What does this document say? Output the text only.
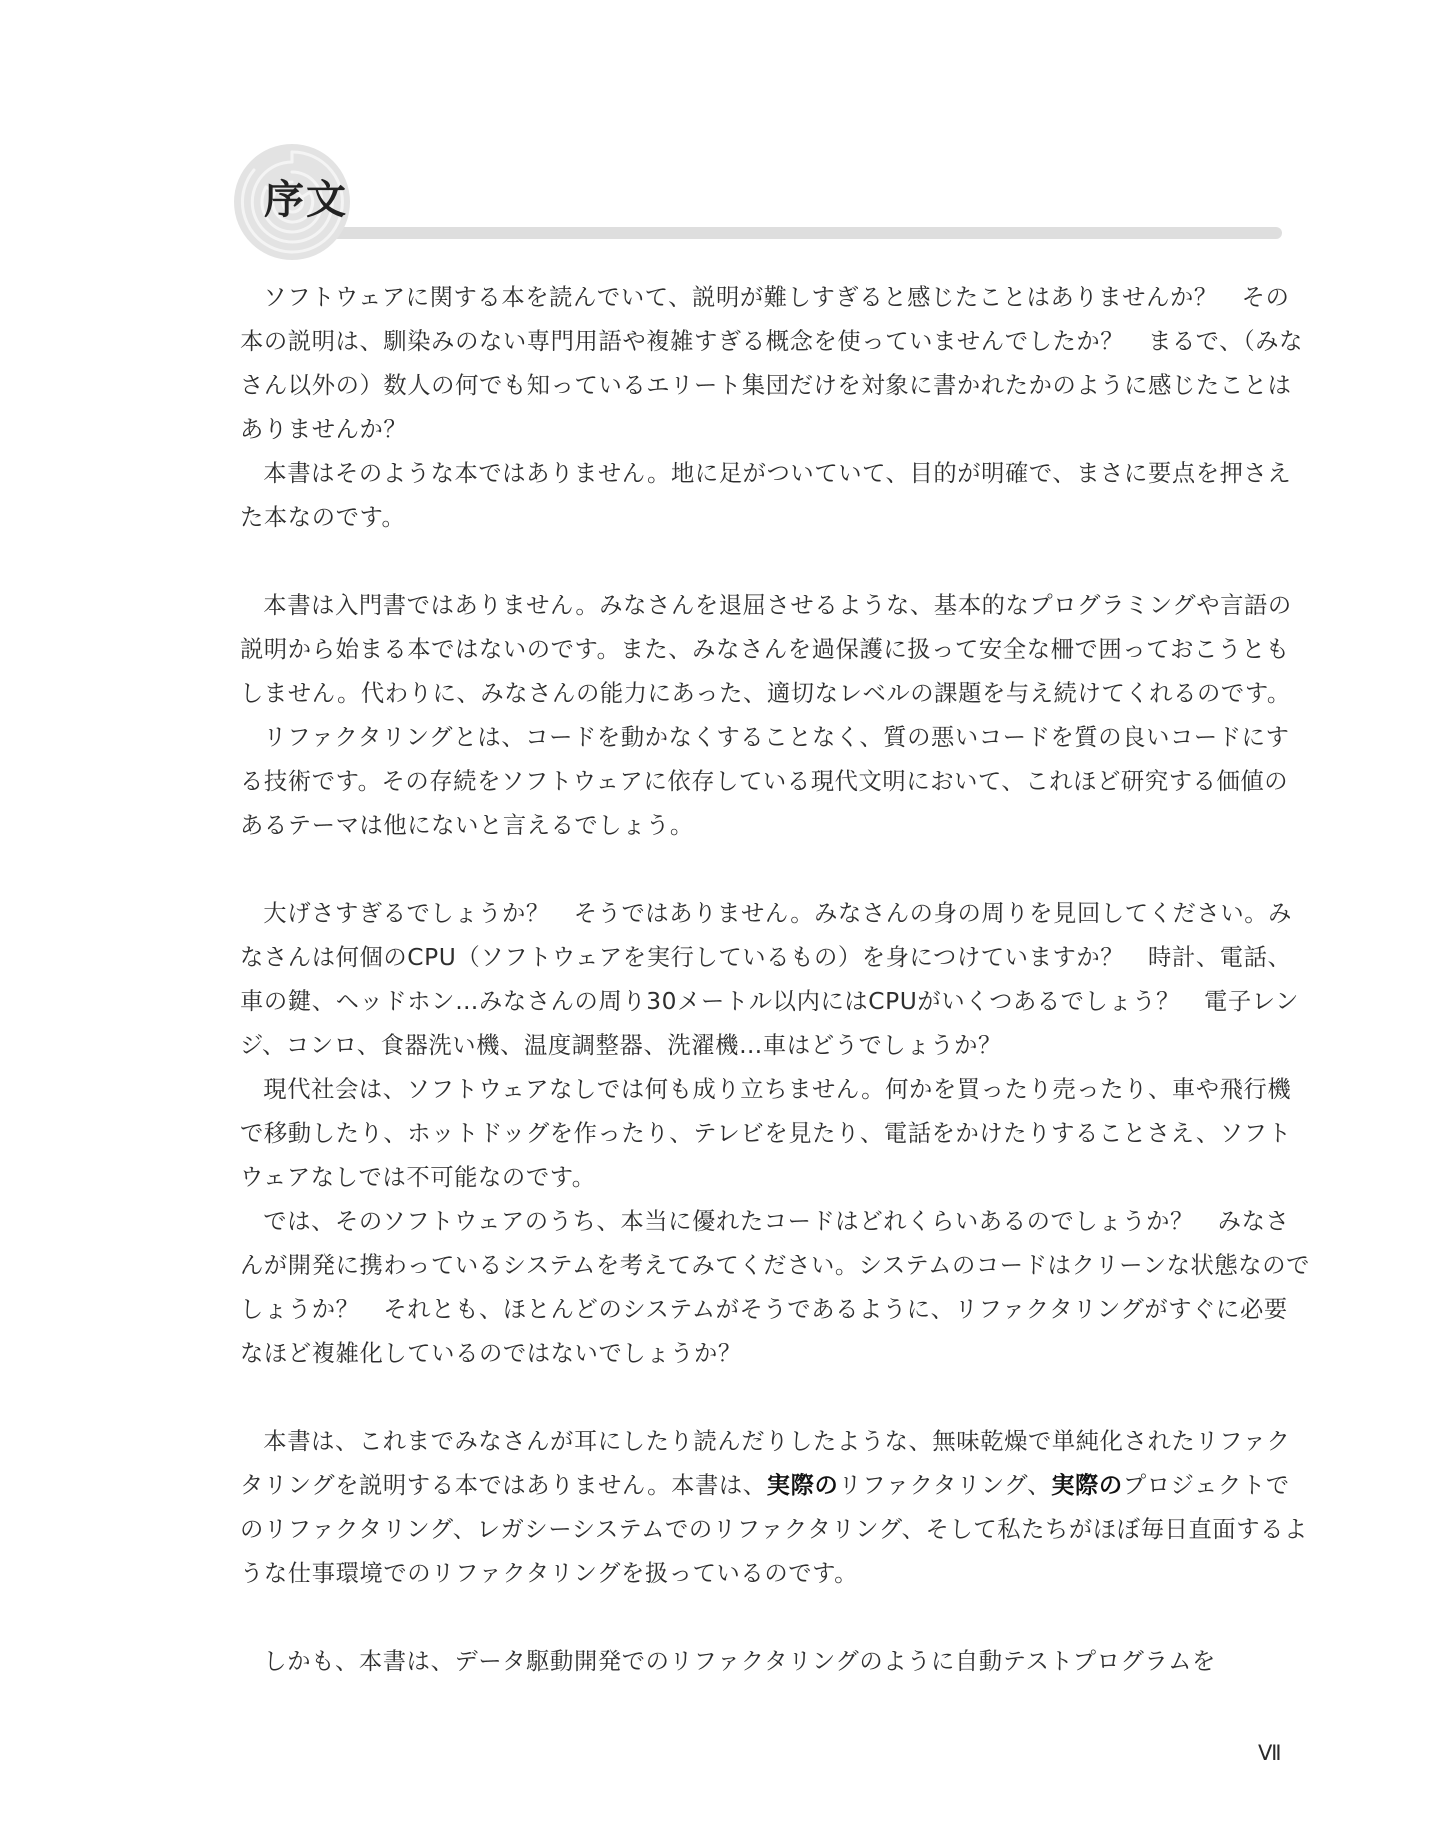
序文

ソフトウェアに関する本を読んでいて、説明が難しすぎると感じたことはありませんか？　その本の説明は、馴染みのない専門用語や複雑すぎる概念を使っていませんでしたか？　まるで、（みなさん以外の）数人の何でも知っているエリート集団だけを対象に書かれたかのように感じたことはありませんか？

本書はそのような本ではありません。地に足がついていて、目的が明確で、まさに要点を押さえた本なのです。

本書は入門書ではありません。みなさんを退屈させるような、基本的なプログラミングや言語の説明から始まる本ではないのです。また、みなさんを過保護に扱って安全な柵で囲っておこうともしません。代わりに、みなさんの能力にあった、適切なレベルの課題を与え続けてくれるのです。

リファクタリングとは、コードを動かなくすることなく、質の悪いコードを質の良いコードにする技術です。その存続をソフトウェアに依存している現代文明において、これほど研究する価値のあるテーマは他にないと言えるでしょう。

大げさすぎるでしょうか？　そうではありません。みなさんの身の周りを見回してください。みなさんは何個のCPU（ソフトウェアを実行しているもの）を身につけていますか？　時計、電話、車の鍵、ヘッドホン…みなさんの周り30メートル以内にはCPUがいくつあるでしょう？　電子レンジ、コンロ、食器洗い機、温度調整器、洗濯機…車はどうでしょうか？

現代社会は、ソフトウェアなしでは何も成り立ちません。何かを買ったり売ったり、車や飛行機で移動したり、ホットドッグを作ったり、テレビを見たり、電話をかけたりすることさえ、ソフトウェアなしでは不可能なのです。

では、そのソフトウェアのうち、本当に優れたコードはどれくらいあるのでしょうか？　みなさんが開発に携わっているシステムを考えてみてください。システムのコードはクリーンな状態なのでしょうか？　それとも、ほとんどのシステムがそうであるように、リファクタリングがすぐに必要なほど複雑化しているのではないでしょうか？

本書は、これまでみなさんが耳にしたり読んだりしたような、無味乾燥で単純化されたリファクタリングを説明する本ではありません。本書は、実際のリファクタリング、実際のプロジェクトでのリファクタリング、レガシーシステムでのリファクタリング、そして私たちがほぼ毎日直面するような仕事環境でのリファクタリングを扱っているのです。

しかも、本書は、データ駆動開発でのリファクタリングのように自動テストプログラムを

Ⅶ
